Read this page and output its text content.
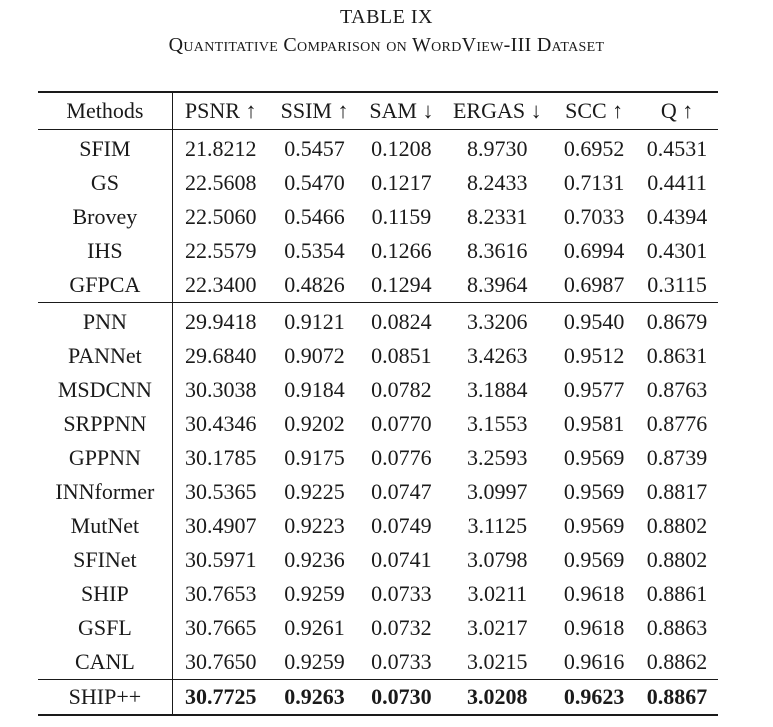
TABLE IX
Quantitative Comparison on WordView-III Dataset
Methods	PSNR ↑	SSIM ↑	SAM ↓	ERGAS ↓	SCC ↑	Q ↑
SFIM	21.8212	0.5457	0.1208	8.9730	0.6952	0.4531
GS	22.5608	0.5470	0.1217	8.2433	0.7131	0.4411
Brovey	22.5060	0.5466	0.1159	8.2331	0.7033	0.4394
IHS	22.5579	0.5354	0.1266	8.3616	0.6994	0.4301
GFPCA	22.3400	0.4826	0.1294	8.3964	0.6987	0.3115
PNN	29.9418	0.9121	0.0824	3.3206	0.9540	0.8679
PANNet	29.6840	0.9072	0.0851	3.4263	0.9512	0.8631
MSDCNN	30.3038	0.9184	0.0782	3.1884	0.9577	0.8763
SRPPNN	30.4346	0.9202	0.0770	3.1553	0.9581	0.8776
GPPNN	30.1785	0.9175	0.0776	3.2593	0.9569	0.8739
INNformer	30.5365	0.9225	0.0747	3.0997	0.9569	0.8817
MutNet	30.4907	0.9223	0.0749	3.1125	0.9569	0.8802
SFINet	30.5971	0.9236	0.0741	3.0798	0.9569	0.8802
SHIP	30.7653	0.9259	0.0733	3.0211	0.9618	0.8861
GSFL	30.7665	0.9261	0.0732	3.0217	0.9618	0.8863
CANL	30.7650	0.9259	0.0733	3.0215	0.9616	0.8862
SHIP++	30.7725	0.9263	0.0730	3.0208	0.9623	0.8867
